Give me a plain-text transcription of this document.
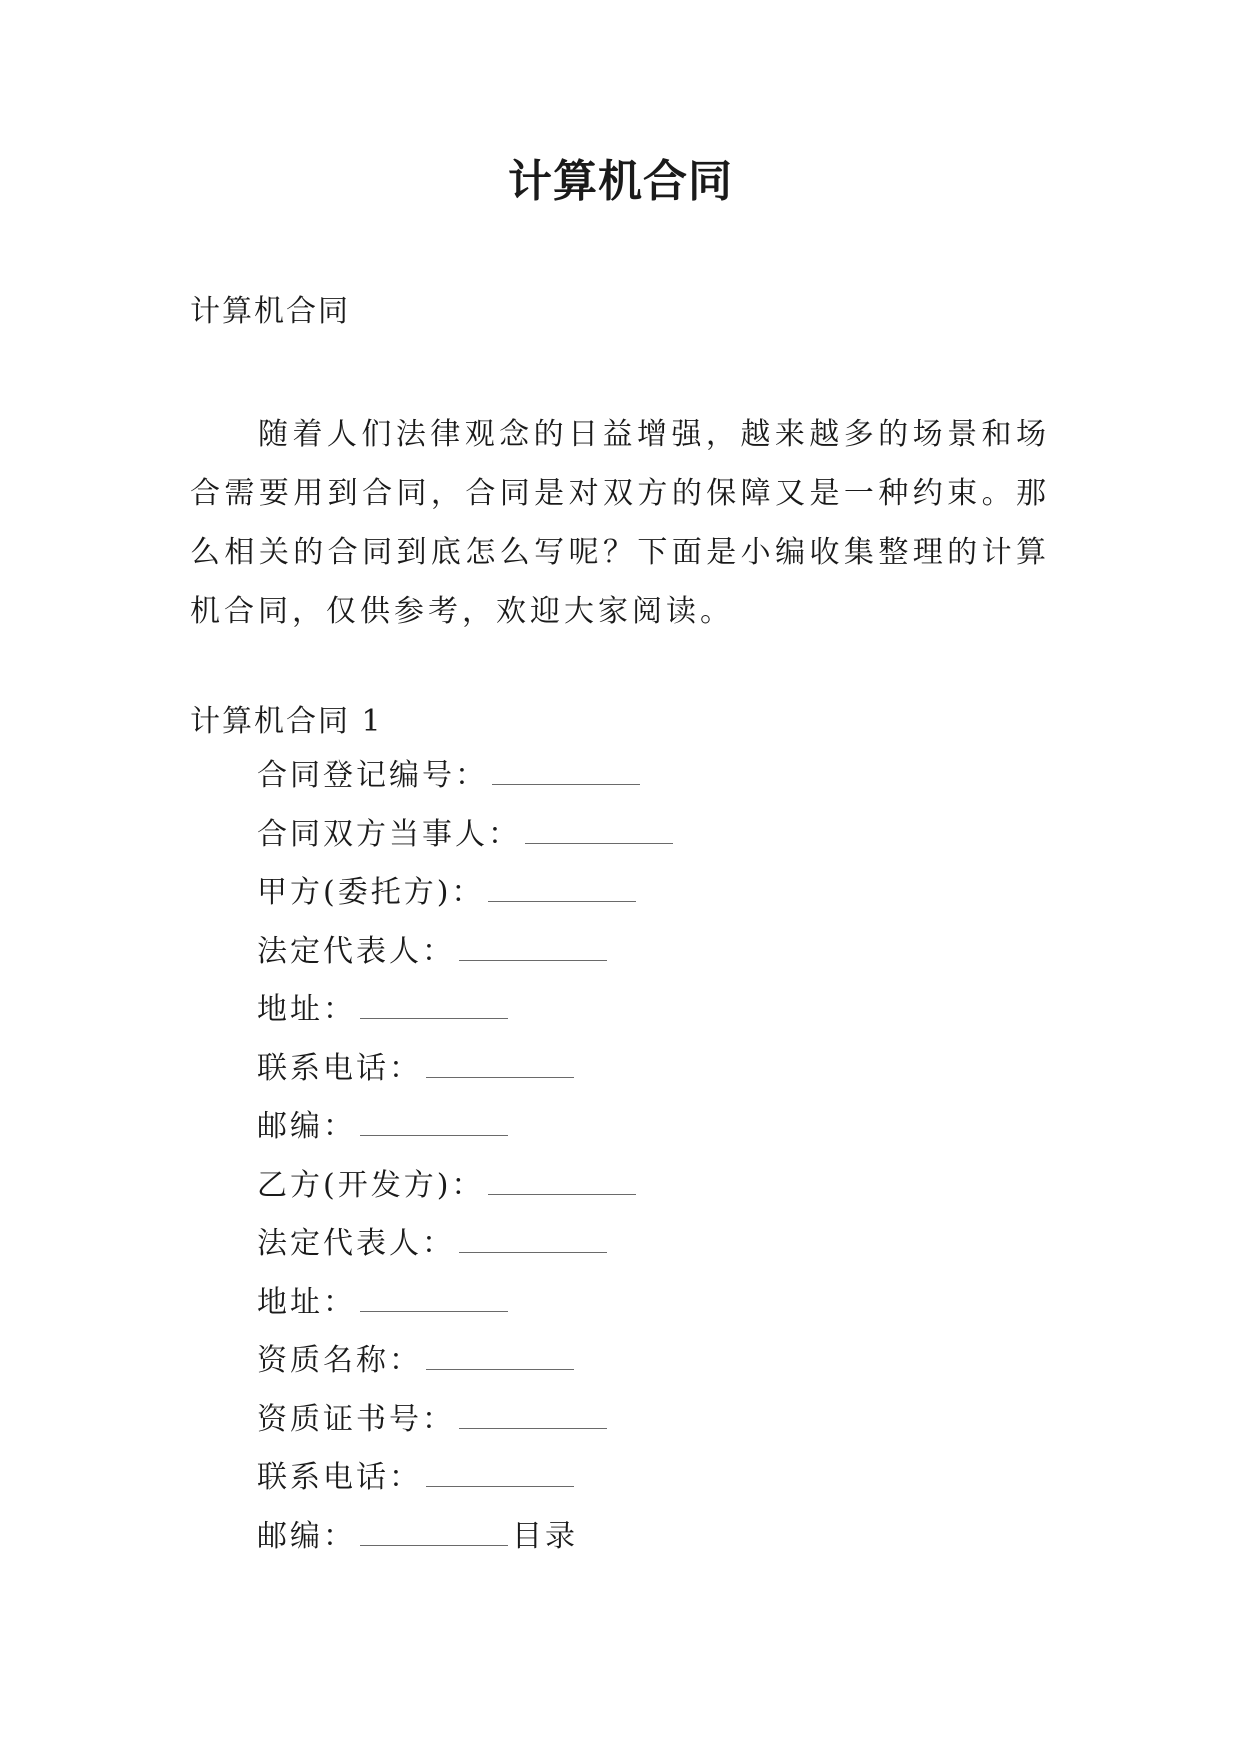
计算机合同

计算机合同

随着人们法律观念的日益增强，越来越多的场景和场合需要用到合同，合同是对双方的保障又是一种约束。那么相关的合同到底怎么写呢？下面是小编收集整理的计算机合同，仅供参考，欢迎大家阅读。

计算机合同 1

合同登记编号：
合同双方当事人：
甲方(委托方)：
法定代表人：
地址：
联系电话：
邮编：
乙方(开发方)：
法定代表人：
地址：
资质名称：
资质证书号：
联系电话：
邮编：	目录
